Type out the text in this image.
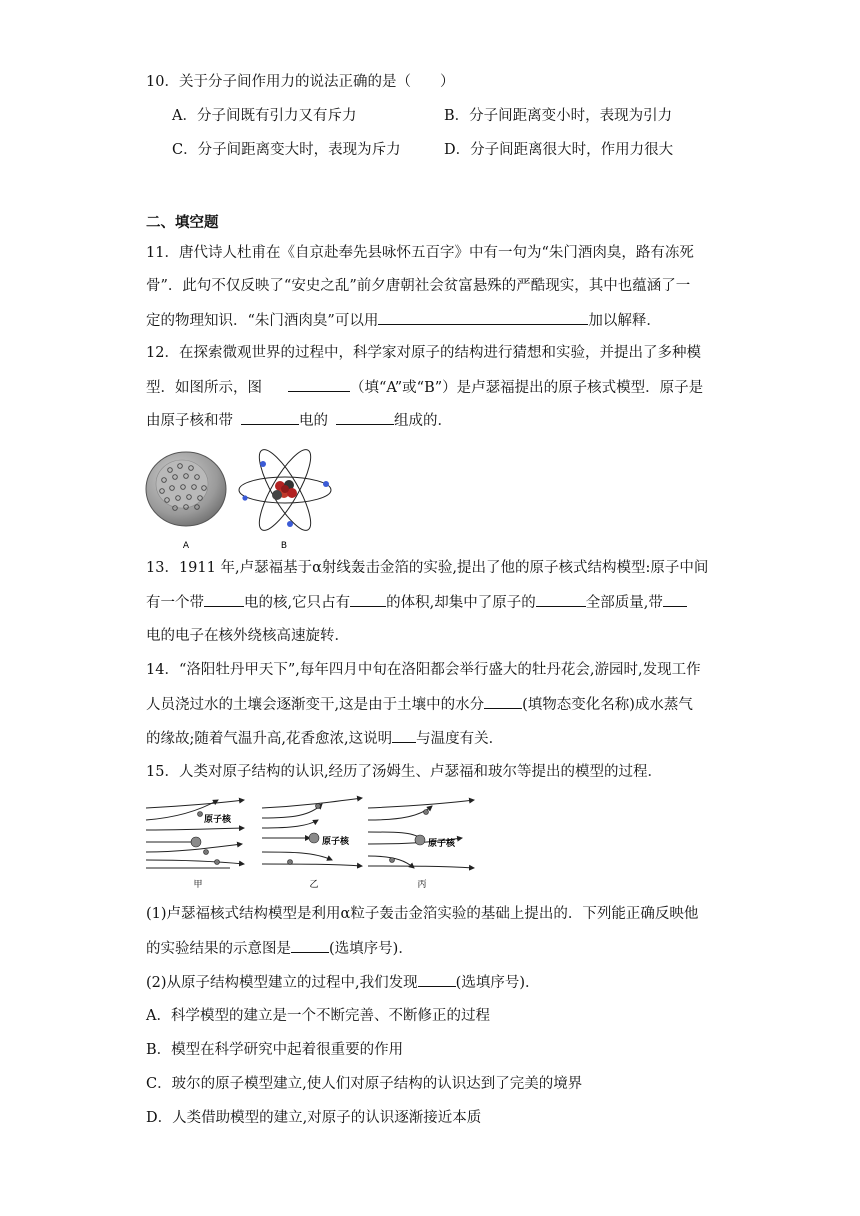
10．关于分子间作用力的说法正确的是（　　）
A．分子间既有引力又有斥力	B．分子间距离变小时，表现为引力
C．分子间距离变大时，表现为斥力	D．分子间距离很大时，作用力很大
二、填空题
11．唐代诗人杜甫在《自京赴奉先县咏怀五百字》中有一句为“朱门酒肉臭，路有冻死
骨”．此句不仅反映了“安史之乱”前夕唐朝社会贫富悬殊的严酷现实，其中也蕴涵了一
定的物理知识．“朱门酒肉臭”可以用	加以解释．
12．在探索微观世界的过程中，科学家对原子的结构进行猜想和实验，并提出了多种模
型．如图所示，图	（填“A”或“B”）是卢瑟福提出的原子核式模型．原子是
由原子核和带	电的	组成的．
A	B
13．1911 年,卢瑟福基于α射线轰击金箔的实验,提出了他的原子核式结构模型:原子中间
有一个带	电的核,它只占有 的体积,却集中了原子的	全部质量,带
电的电子在核外绕核高速旋转．
14．“洛阳牡丹甲天下”,每年四月中旬在洛阳都会举行盛大的牡丹花会,游园时,发现工作
人员浇过水的土壤会逐渐变干,这是由于土壤中的水分	(填物态变化名称)成水蒸气
的缘故;随着气温升高,花香愈浓,这说明 与温度有关．
15．人类对原子结构的认识,经历了汤姆生、卢瑟福和玻尔等提出的模型的过程．
原子核
甲
原子核
乙
原子核
丙
(1)卢瑟福核式结构模型是利用α粒子轰击金箔实验的基础上提出的．下列能正确反映他
的实验结果的示意图是	(选填序号)．
(2)从原子结构模型建立的过程中,我们发现	(选填序号)．
A．科学模型的建立是一个不断完善、不断修正的过程
B．模型在科学研究中起着很重要的作用
C．玻尔的原子模型建立,使人们对原子结构的认识达到了完美的境界
D．人类借助模型的建立,对原子的认识逐渐接近本质
